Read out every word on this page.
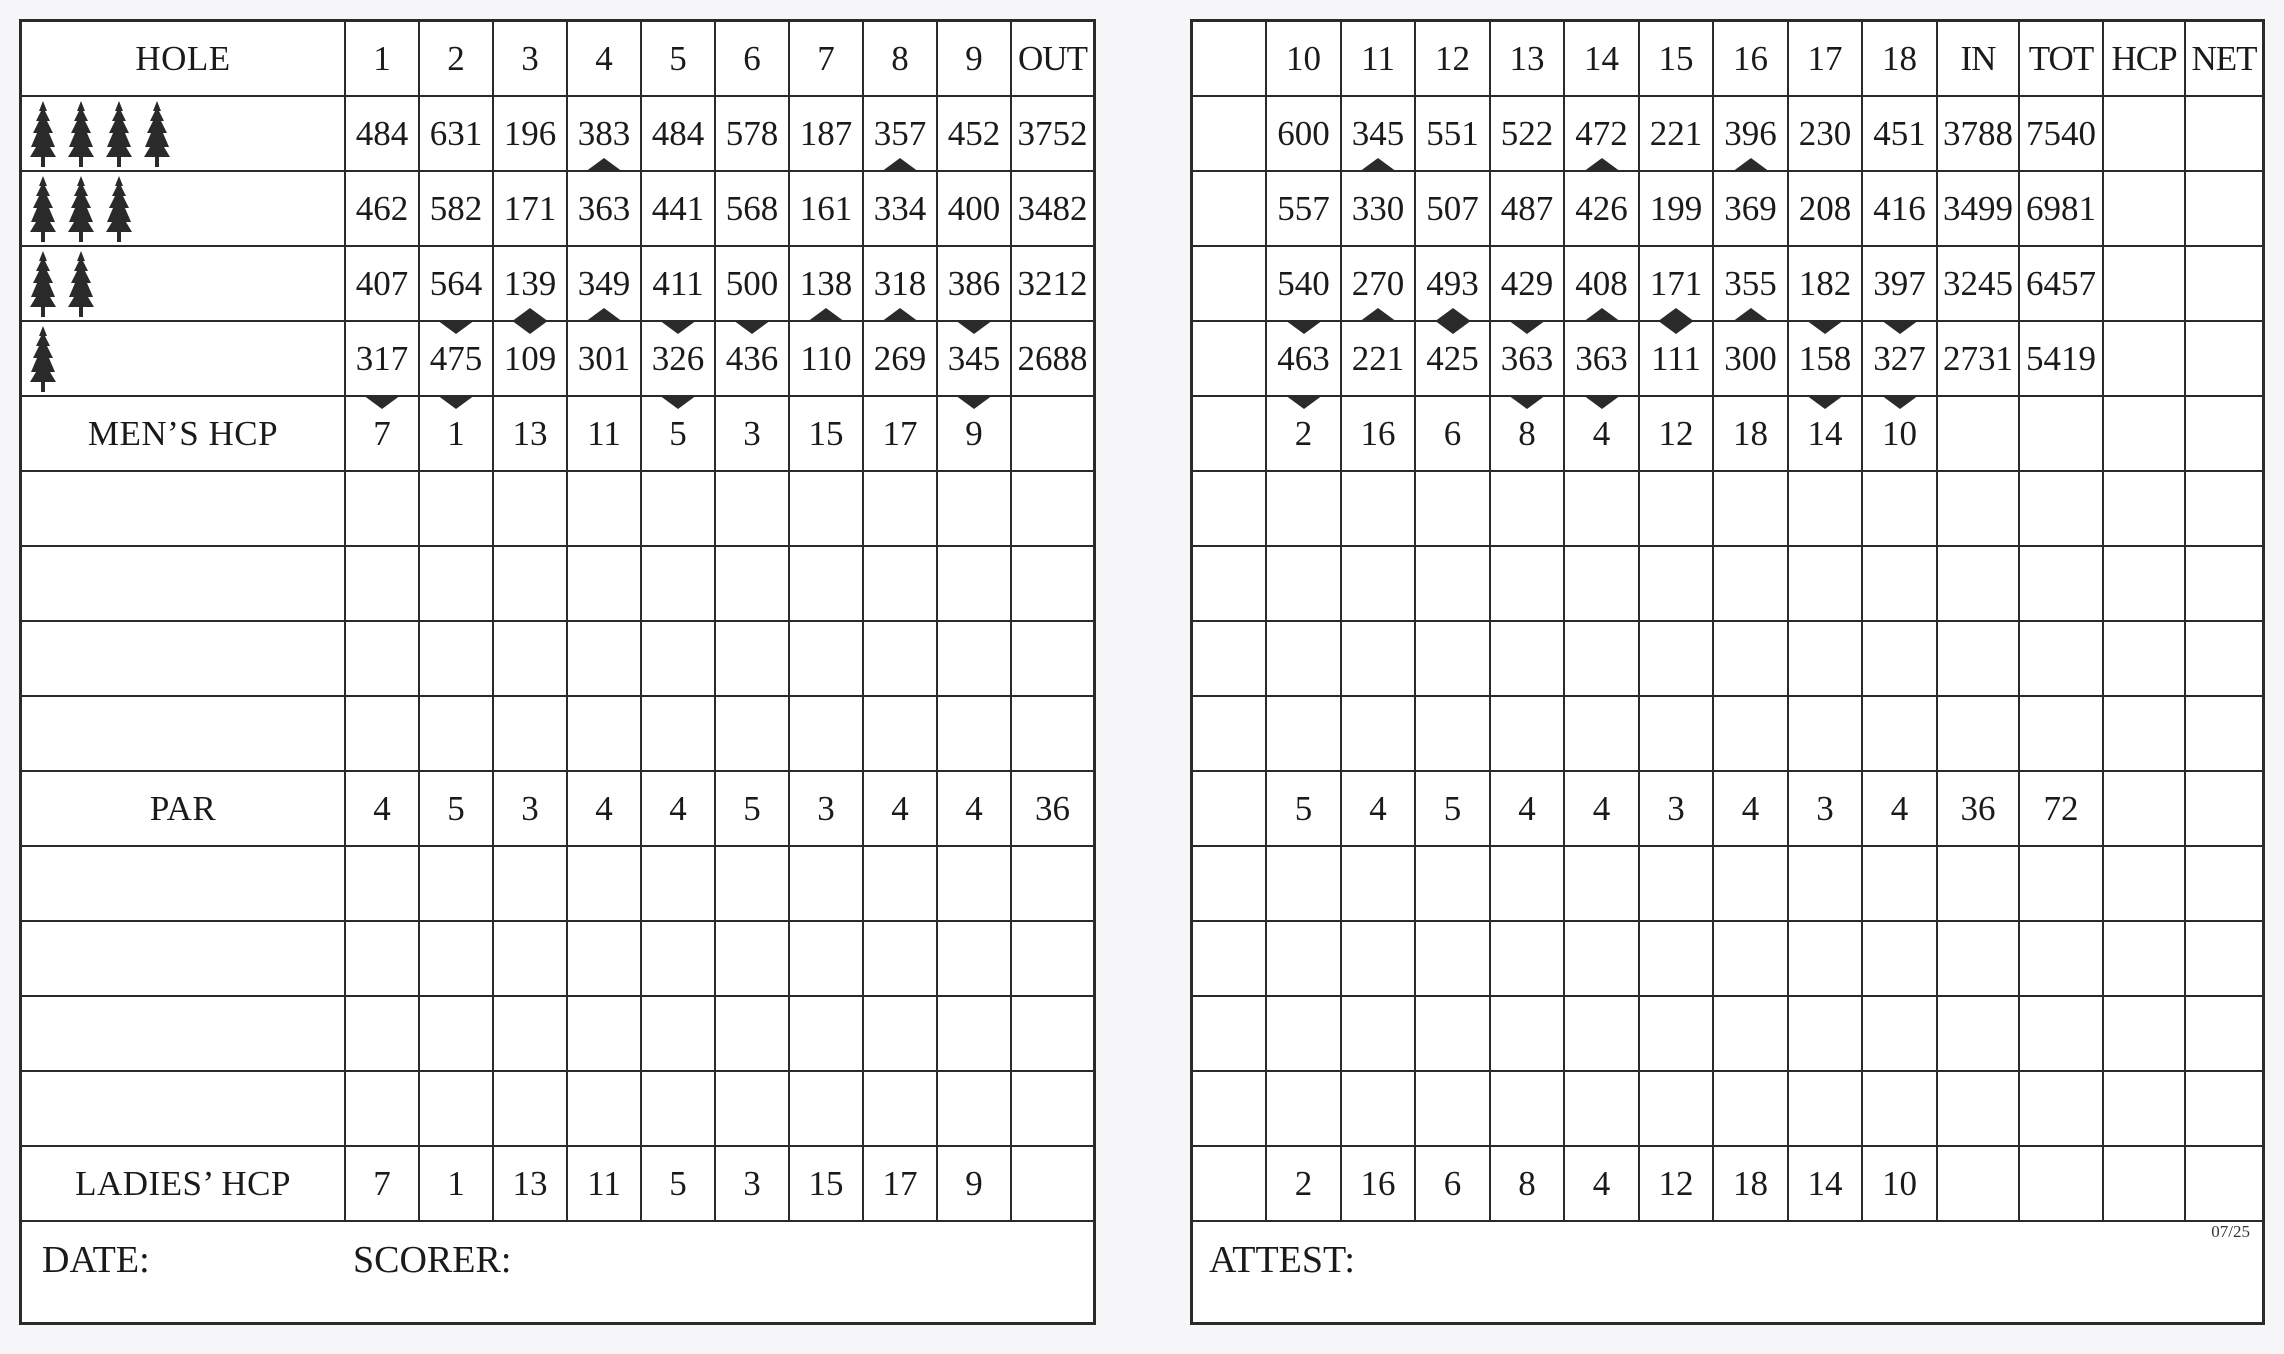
HOLE	1	2	3	4	5	6	7	8	9	OUT

	484	631	196	383	484	578	187	357	452	3752

	462	582	171	363	441	568	161	334	400	3482

	407	564	139	349	411	500	138	318	386	3212

	317	475	109	301	326	436	110	269	345	2688
MEN’S HCP	7	1	13	11	5	3	15	17	9	

PAR	4	5	3	4	4	5	3	4	4	36

LADIES’ HCP	7	1	13	11	5	3	15	17	9	
DATE:	SCORER:
	10	11	12	13	14	15	16	17	18	IN	TOT	HCP	NET
	600	345	551	522	472	221	396	230	451	3788	7540		
	557	330	507	487	426	199	369	208	416	3499	6981		
	540	270	493	429	408	171	355	182	397	3245	6457		
	463	221	425	363	363	111	300	158	327	2731	5419		
	2	16	6	8	4	12	18	14	10				

	5	4	5	4	4	3	4	3	4	36	72		

	2	16	6	8	4	12	18	14	10				
ATTEST:
07/25
